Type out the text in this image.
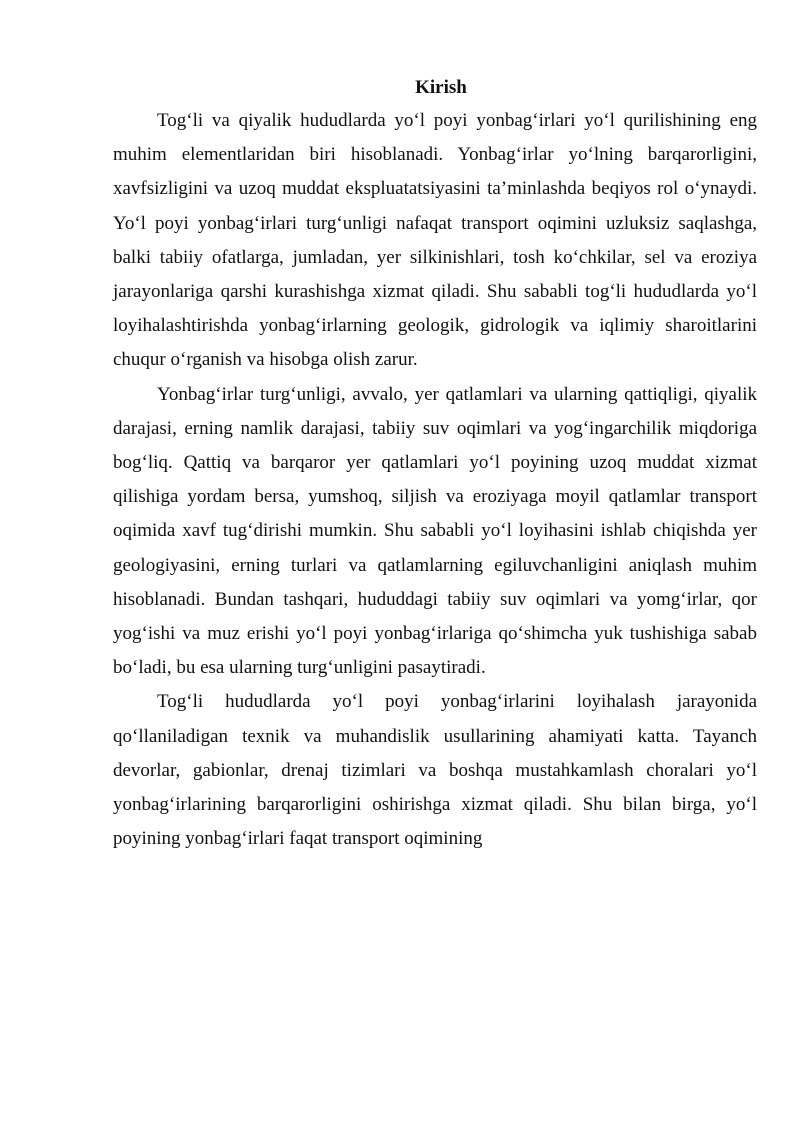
Kirish

Tog‘li va qiyalik hududlarda yo‘l poyi yonbag‘irlari yo‘l qurilishining eng muhim elementlaridan biri hisoblanadi. Yonbag‘irlar yo‘lning barqarorligini, xavfsizligini va uzoq muddat ekspluatatsiyasini ta’minlashda beqiyos rol o‘ynaydi. Yo‘l poyi yonbag‘irlari turg‘unligi nafaqat transport oqimini uzluksiz saqlashga, balki tabiiy ofatlarga, jumladan, yer silkinishlari, tosh ko‘chkilar, sel va eroziya jarayonlariga qarshi kurashishga xizmat qiladi. Shu sababli tog‘li hududlarda yo‘l loyihalashtirishda yonbag‘irlarning geologik, gidrologik va iqlimiy sharoitlarini chuqur o‘rganish va hisobga olish zarur.

Yonbag‘irlar turg‘unligi, avvalo, yer qatlamlari va ularning qattiqligi, qiyalik darajasi, erning namlik darajasi, tabiiy suv oqimlari va yog‘ingarchilik miqdoriga bog‘liq. Qattiq va barqaror yer qatlamlari yo‘l poyining uzoq muddat xizmat qilishiga yordam bersa, yumshoq, siljish va eroziyaga moyil qatlamlar transport oqimida xavf tug‘dirishi mumkin. Shu sababli yo‘l loyihasini ishlab chiqishda yer geologiyasini, erning turlari va qatlamlarning egiluvchanligini aniqlash muhim hisoblanadi. Bundan tashqari, hududdagi tabiiy suv oqimlari va yomg‘irlar, qor yog‘ishi va muz erishi yo‘l poyi yonbag‘irlariga qo‘shimcha yuk tushishiga sabab bo‘ladi, bu esa ularning turg‘unligini pasaytiradi.

Tog‘li hududlarda yo‘l poyi yonbag‘irlarini loyihalash jarayonida qo‘llaniladigan texnik va muhandislik usullarining ahamiyati katta. Tayanch devorlar, gabionlar, drenaj tizimlari va boshqa mustahkamlash choralari yo‘l yonbag‘irlarining barqarorligini oshirishga xizmat qiladi. Shu bilan birga, yo‘l poyining yonbag‘irlari faqat transport oqimining
